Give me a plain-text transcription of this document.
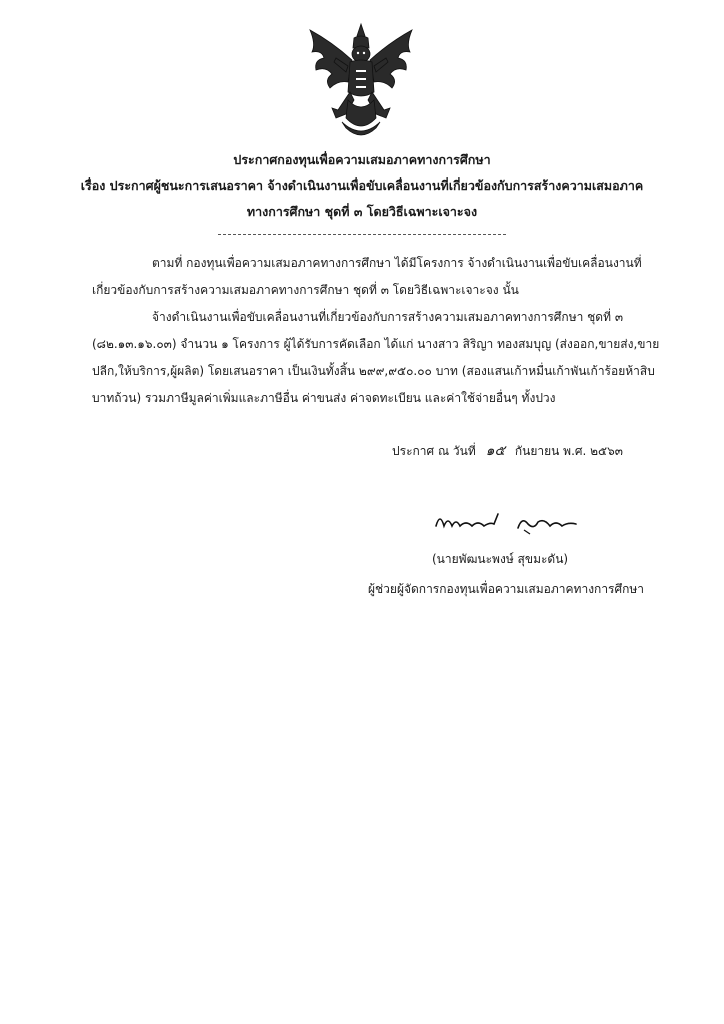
ประกาศกองทุนเพื่อความเสมอภาคทางการศึกษา
เรื่อง ประกาศผู้ชนะการเสนอราคา จ้างดำเนินงานเพื่อขับเคลื่อนงานที่เกี่ยวข้องกับการสร้างความเสมอภาค
ทางการศึกษา ชุดที่ ๓ โดยวิธีเฉพาะเจาะจง
ตามที่ กองทุนเพื่อความเสมอภาคทางการศึกษา ได้มีโครงการ จ้างดำเนินงานเพื่อขับเคลื่อนงานที่
เกี่ยวข้องกับการสร้างความเสมอภาคทางการศึกษา ชุดที่ ๓ โดยวิธีเฉพาะเจาะจง นั้น
จ้างดำเนินงานเพื่อขับเคลื่อนงานที่เกี่ยวข้องกับการสร้างความเสมอภาคทางการศึกษา ชุดที่ ๓
(๘๒.๑๓.๑๖.๐๓) จำนวน ๑ โครงการ ผู้ได้รับการคัดเลือก ได้แก่ นางสาว สิริญา ทองสมบุญ (ส่งออก,ขายส่ง,ขาย
ปลีก,ให้บริการ,ผู้ผลิต) โดยเสนอราคา เป็นเงินทั้งสิ้น ๒๙๙,๙๕๐.๐๐ บาท (สองแสนเก้าหมื่นเก้าพันเก้าร้อยห้าสิบ
บาทถ้วน) รวมภาษีมูลค่าเพิ่มและภาษีอื่น ค่าขนส่ง ค่าจดทะเบียน และค่าใช้จ่ายอื่นๆ ทั้งปวง
ประกาศ ณ วันที่ ๑๕ กันยายน พ.ศ. ๒๕๖๓
(นายพัฒนะพงษ์ สุขมะดัน)
ผู้ช่วยผู้จัดการกองทุนเพื่อความเสมอภาคทางการศึกษา
